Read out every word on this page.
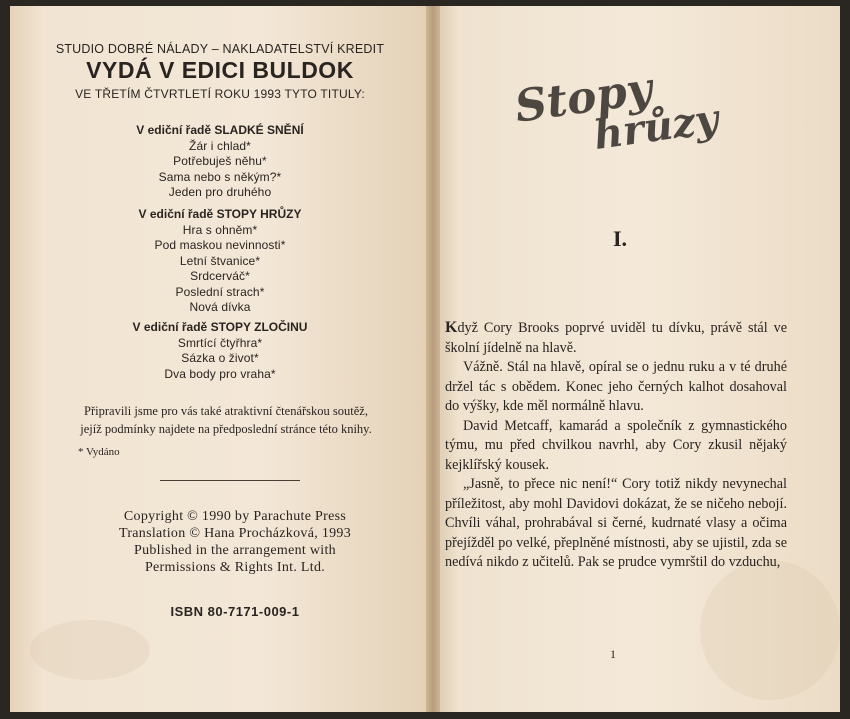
STUDIO DOBRÉ NÁLADY – NAKLADATELSTVÍ KREDIT
VYDÁ V EDICI BULDOK
VE TŘETÍM ČTVRTLETÍ ROKU 1993 TYTO TITULY:
V ediční řadě SLADKÉ SNĚNÍ
Žár i chlad*
Potřebuješ něhu*
Sama nebo s někým?*
Jeden pro druhého
V ediční řadě STOPY HRŮZY
Hra s ohněm*
Pod maskou nevinnosti*
Letní štvanice*
Srdcerváč*
Poslední strach*
Nová dívka
V ediční řadě STOPY ZLOČINU
Smrtící čtyřhra*
Sázka o život*
Dva body pro vraha*
Připravili jsme pro vás také atraktivní čtenářskou soutěž,
jejíž podmínky najdete na předposlední stránce této knihy.
* Vydáno
Copyright © 1990 by Parachute Press
Translation © Hana Procházková, 1993
Published in the arrangement with
Permissions & Rights Int. Ltd.
ISBN 80-7171-009-1
Stopy
hrůzy
I.

Když Cory Brooks poprvé uviděl tu dívku, právě stál ve školní jídelně na hlavě.

Vážně. Stál na hlavě, opíral se o jednu ruku a v té druhé držel tác s obědem. Konec jeho černých kalhot dosahoval do výšky, kde měl normálně hlavu.

David Metcaff, kamarád a společník z gymnastického týmu, mu před chvilkou navrhl, aby Cory zkusil nějaký kejklířský kousek.

„Jasně, to přece nic není!“ Cory totiž nikdy nevynechal příležitost, aby mohl Davidovi dokázat, že se ničeho nebojí. Chvíli váhal, prohrabával si černé, kudrnaté vlasy a očima přejížděl po velké, přeplněné místnosti, aby se ujistil, zda se nedívá nikdo z učitelů. Pak se prudce vymrštil do vzduchu,

1
